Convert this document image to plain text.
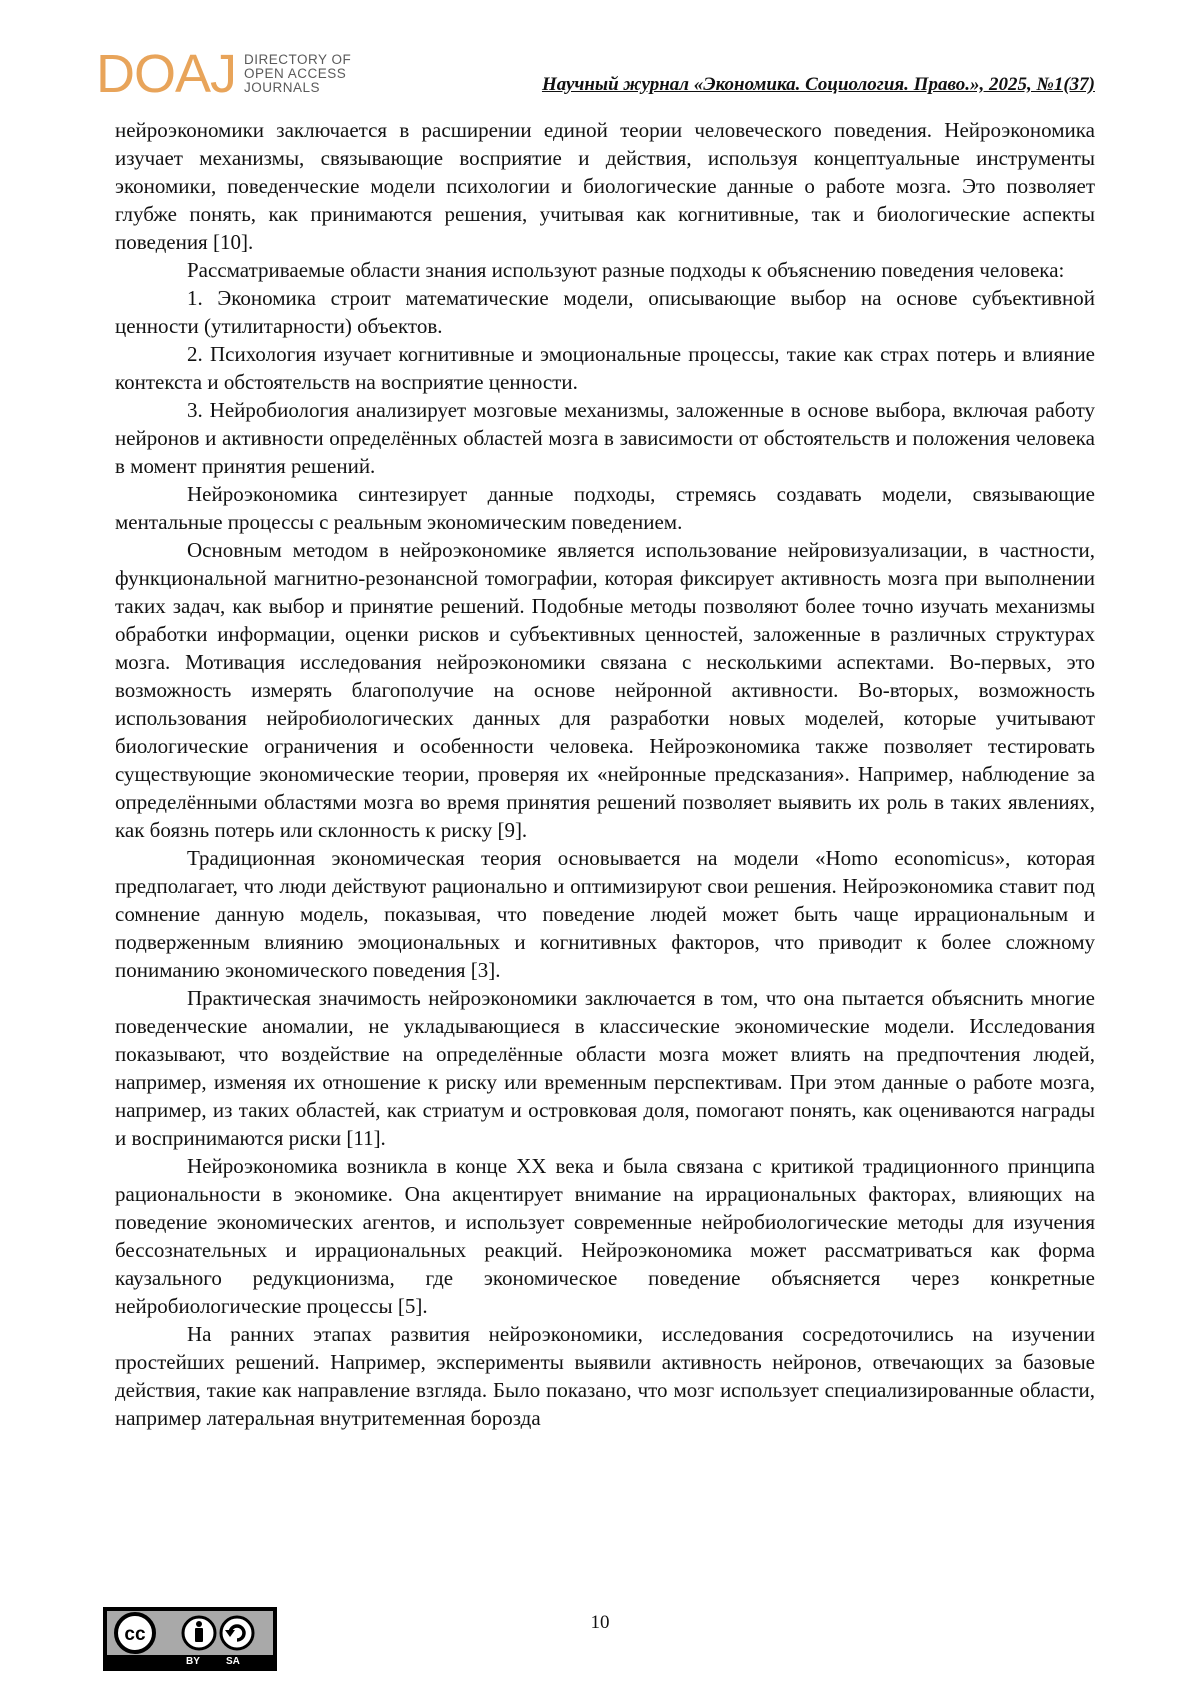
DOAJ DIRECTORY OF
OPEN ACCESS
JOURNALS	Научный журнал «Экономика. Социология. Право.», 2025, №1(37)

нейроэкономики заключается в расширении единой теории человеческого поведения. Нейроэкономика изучает механизмы, связывающие восприятие и действия, используя концептуальные инструменты экономики, поведенческие модели психологии и биологические данные о работе мозга. Это позволяет глубже понять, как принимаются решения, учитывая как когнитивные, так и биологические аспекты поведения [10].

Рассматриваемые области знания используют разные подходы к объяснению поведения человека:

1. Экономика строит математические модели, описывающие выбор на основе субъективной ценности (утилитарности) объектов.

2. Психология изучает когнитивные и эмоциональные процессы, такие как страх потерь и влияние контекста и обстоятельств на восприятие ценности.

3. Нейробиология анализирует мозговые механизмы, заложенные в основе выбора, включая работу нейронов и активности определённых областей мозга в зависимости от обстоятельств и положения человека в момент принятия решений.

Нейроэкономика синтезирует данные подходы, стремясь создавать модели, связывающие ментальные процессы с реальным экономическим поведением.

Основным методом в нейроэкономике является использование нейровизуализации, в частности, функциональной магнитно-резонансной томографии, которая фиксирует активность мозга при выполнении таких задач, как выбор и принятие решений. Подобные методы позволяют более точно изучать механизмы обработки информации, оценки рисков и субъективных ценностей, заложенные в различных структурах мозга. Мотивация исследования нейроэкономики связана с несколькими аспектами. Во-первых, это возможность измерять благополучие на основе нейронной активности. Во-вторых, возможность использования нейробиологических данных для разработки новых моделей, которые учитывают биологические ограничения и особенности человека. Нейроэкономика также позволяет тестировать существующие экономические теории, проверяя их «нейронные предсказания». Например, наблюдение за определёнными областями мозга во время принятия решений позволяет выявить их роль в таких явлениях, как боязнь потерь или склонность к риску [9].

Традиционная экономическая теория основывается на модели «Homo economicus», которая предполагает, что люди действуют рационально и оптимизируют свои решения. Нейроэкономика ставит под сомнение данную модель, показывая, что поведение людей может быть чаще иррациональным и подверженным влиянию эмоциональных и когнитивных факторов, что приводит к более сложному пониманию экономического поведения [3].

Практическая значимость нейроэкономики заключается в том, что она пытается объяснить многие поведенческие аномалии, не укладывающиеся в классические экономические модели. Исследования показывают, что воздействие на определённые области мозга может влиять на предпочтения людей, например, изменяя их отношение к риску или временным перспективам. При этом данные о работе мозга, например, из таких областей, как стриатум и островковая доля, помогают понять, как оцениваются награды и воспринимаются риски [11].

Нейроэкономика возникла в конце XX века и была связана с критикой традиционного принципа рациональности в экономике. Она акцентирует внимание на иррациональных факторах, влияющих на поведение экономических агентов, и использует современные нейробиологические методы для изучения бессознательных и иррациональных реакций. Нейроэкономика может рассматриваться как форма каузального редукционизма, где экономическое поведение объясняется через конкретные нейробиологические процессы [5].

На ранних этапах развития нейроэкономики, исследования сосредоточились на изучении простейших решений. Например, эксперименты выявили активность нейронов, отвечающих за базовые действия, такие как направление взгляда. Было показано, что мозг использует специализированные области, например латеральная внутритеменная борозда

cc
BY	SA
10
